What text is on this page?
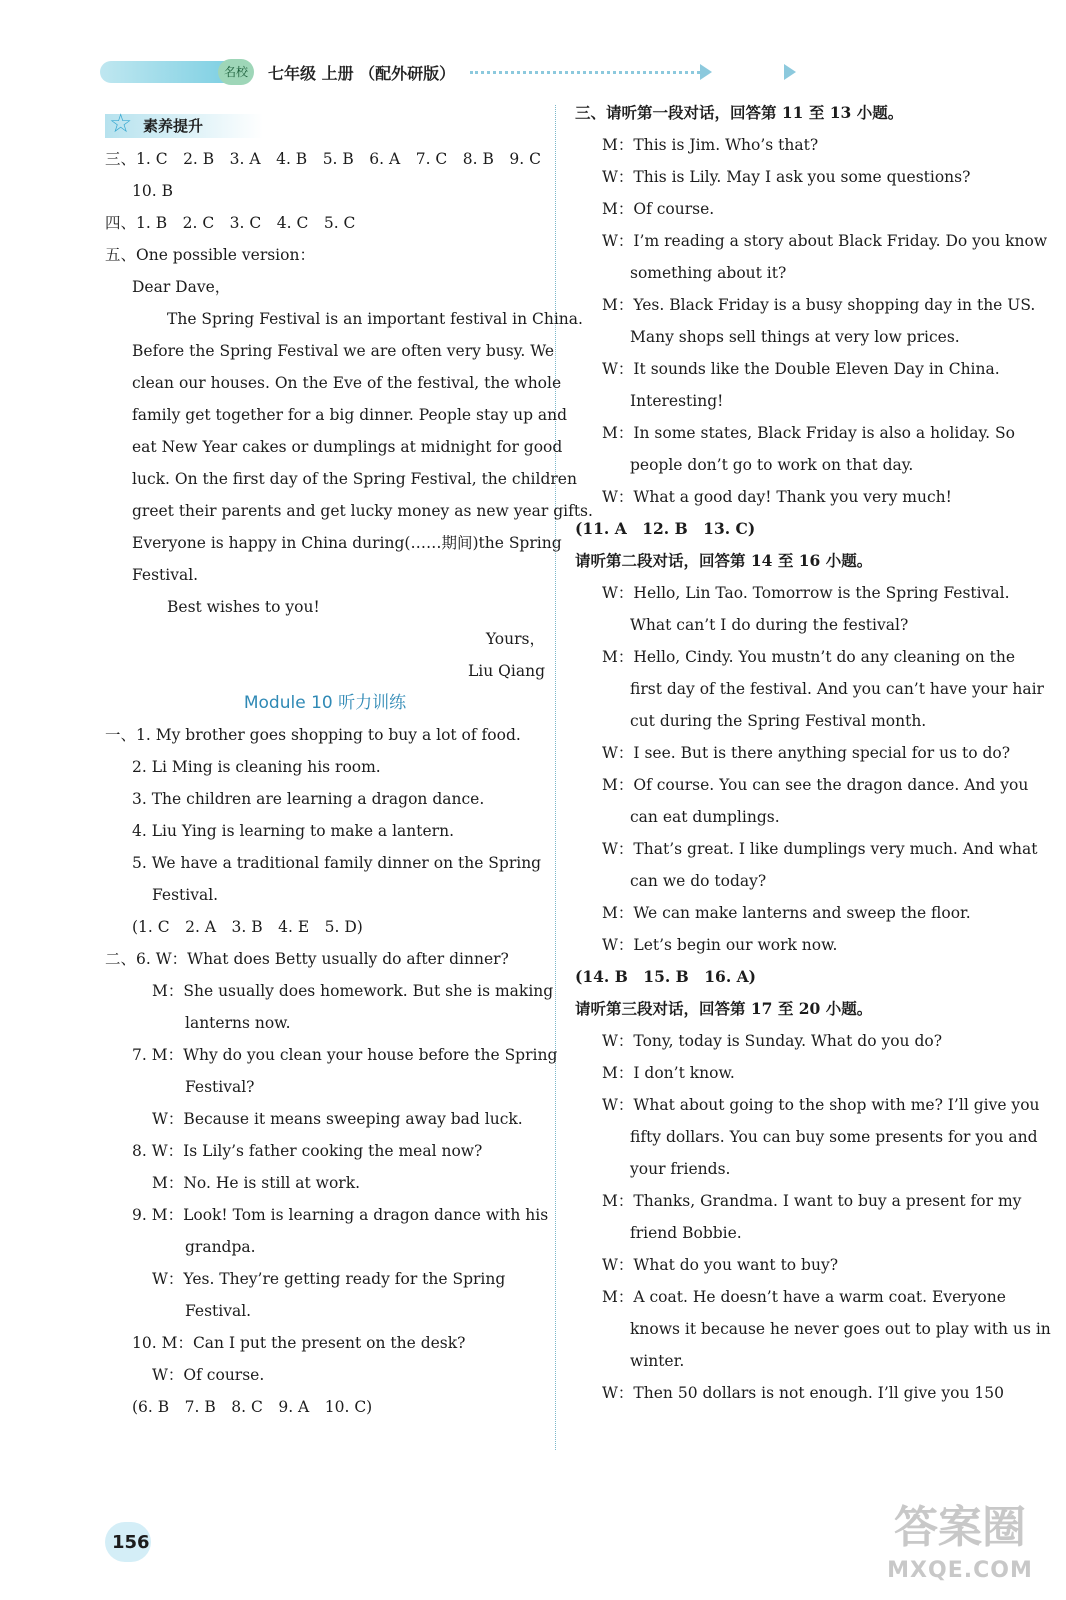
名校	七年级 上册 （配外研版）
☆ 素养提升
三、1. C　2. B　3. A　4. B　5. B　6. A　7. C　8. B　9. C
10. B
四、1. B　2. C　3. C　4. C　5. C
五、One possible version：
Dear Dave，
The Spring Festival is an important festival in China.
Before the Spring Festival we are often very busy. We
clean our houses. On the Eve of the festival, the whole
family get together for a big dinner. People stay up and
eat New Year cakes or dumplings at midnight for good
luck. On the first day of the Spring Festival, the children
greet their parents and get lucky money as new year gifts.
Everyone is happy in China during(……期间)the Spring
Festival.
Best wishes to you!
Yours，
Liu Qiang
Module 10 听力训练
一、1. My brother goes shopping to buy a lot of food.
2. Li Ming is cleaning his room.
3. The children are learning a dragon dance.
4. Liu Ying is learning to make a lantern.
5. We have a traditional family dinner on the Spring
Festival.
(1. C　2. A　3. B　4. E　5. D)
二、6. W：What does Betty usually do after dinner?
M：She usually does homework. But she is making
lanterns now.
7. M：Why do you clean your house before the Spring
Festival?
W：Because it means sweeping away bad luck.
8. W：Is Lily’s father cooking the meal now?
M：No. He is still at work.
9. M：Look! Tom is learning a dragon dance with his
grandpa.
W：Yes. They’re getting ready for the Spring
Festival.
10. M：Can I put the present on the desk?
W：Of course.
(6. B　7. B　8. C　9. A　10. C)
三、请听第一段对话，回答第 11 至 13 小题。
M：This is Jim. Who’s that?
W：This is Lily. May I ask you some questions?
M：Of course.
W：I’m reading a story about Black Friday. Do you know
something about it?
M：Yes. Black Friday is a busy shopping day in the US.
Many shops sell things at very low prices.
W：It sounds like the Double Eleven Day in China.
Interesting!
M：In some states, Black Friday is also a holiday. So
people don’t go to work on that day.
W：What a good day! Thank you very much!
(11. A　12. B　13. C)
请听第二段对话，回答第 14 至 16 小题。
W：Hello, Lin Tao. Tomorrow is the Spring Festival.
What can’t I do during the festival?
M：Hello, Cindy. You mustn’t do any cleaning on the
first day of the festival. And you can’t have your hair
cut during the Spring Festival month.
W：I see. But is there anything special for us to do?
M：Of course. You can see the dragon dance. And you
can eat dumplings.
W：That’s great. I like dumplings very much. And what
can we do today?
M：We can make lanterns and sweep the floor.
W：Let’s begin our work now.
(14. B　15. B　16. A)
请听第三段对话，回答第 17 至 20 小题。
W：Tony, today is Sunday. What do you do?
M：I don’t know.
W：What about going to the shop with me? I’ll give you
fifty dollars. You can buy some presents for you and
your friends.
M：Thanks, Grandma. I want to buy a present for my
friend Bobbie.
W：What do you want to buy?
M：A coat. He doesn’t have a warm coat. Everyone
knows it because he never goes out to play with us in
winter.
W：Then 50 dollars is not enough. I’ll give you 150
156	答案圈
MXQE.COM
